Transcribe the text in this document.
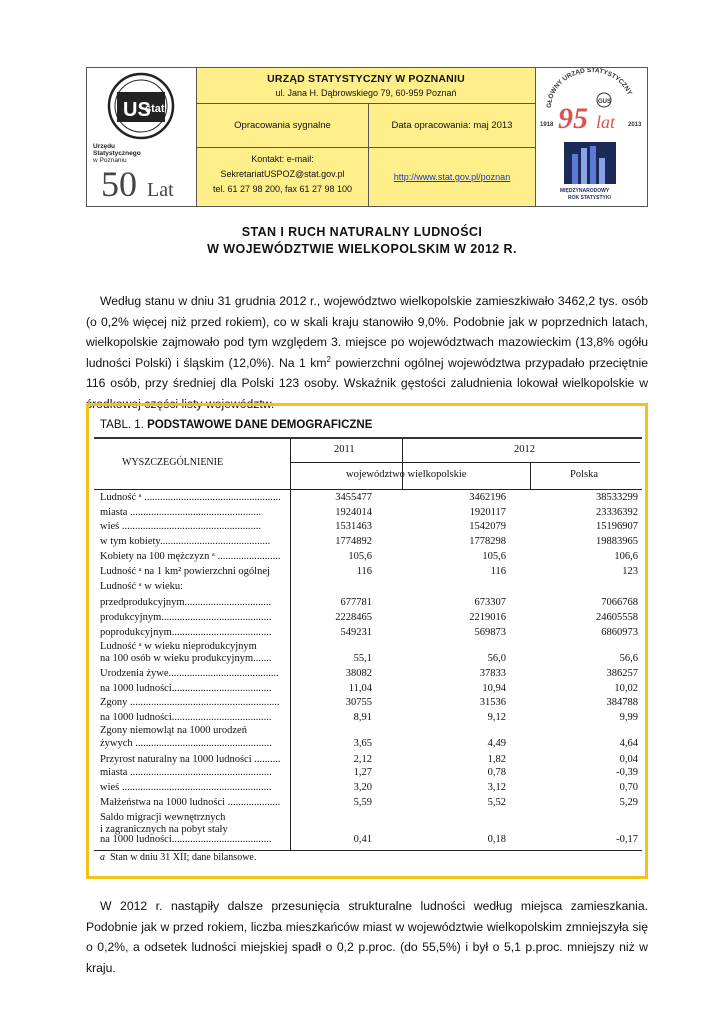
US
stat
Urzędu
Statystycznego
w Poznaniu
50 Lat
URZĄD STATYSTYCZNY W POZNANIU
ul. Jana H. Dąbrowskiego 79, 60-959 Poznań
Opracowania sygnalne	Data opracowania: maj 2013
Kontakt: e-mail:
SekretariatUSPOZ@stat.gov.pl
tel. 61 27 98 200, fax 61 27 98 100
http://www.stat.gov.pl/poznan
GŁÓWNY URZĄD STATYSTYCZNY
1918	2013
95 lat
GUS
MIĘDZYNARODOWY
ROK STATYSTYKI
STAN I RUCH NATURALNY LUDNOŚCI
W WOJEWÓDZTWIE WIELKOPOLSKIM W 2012 R.

Według stanu w dniu 31 grudnia 2012 r., województwo wielkopolskie zamieszkiwało 3462,2 tys. osób (o 0,2% więcej niż przed rokiem), co w skali kraju stanowiło 9,0%. Podobnie jak w poprzednich latach, wielkopolskie zajmowało pod tym względem 3. miejsce po województwach mazowieckim (13,8% ogółu ludności Polski) i śląskim (12,0%). Na 1 $km^2$ powierzchni ogólnej województwa przypadało przeciętnie 116 osób, przy średniej dla Polski 123 osoby. Wskaźnik gęstości zaludnienia lokował wielkopolskie w środkowej części listy województw.

TABL. 1. PODSTAWOWE DANE DEMOGRAFICZNE
WYSZCZEGÓLNIENIE
2011	2012
województwo wielkopolskie	Polska
Ludność ᵃ ....................................................	3455477	3462196	38533299
miasta ..................................................	1924014	1920117	23336392
wieś .....................................................	1531463	1542079	15196907
w tym kobiety..........................................	1774892	1778298	19883965
Kobiety na 100 mężczyzn ᵃ ........................	105,6	105,6	106,6
Ludność ᵃ na 1 km² powierzchni ogólnej	116	116	123
Ludność ᵃ w wieku:
przedprodukcyjnym.................................	677781	673307	7066768
produkcyjnym..........................................	2228465	2219016	24605558
poprodukcyjnym......................................	549231	569873	6860973
Ludność ᵃ w wieku nieprodukcyjnym
na 100 osób w wieku produkcyjnym.......	55,1	56,0	56,6
Urodzenia żywe..........................................	38082	37833	386257
na 1000 ludności......................................	11,04	10,94	10,02
Zgony .........................................................	30755	31536	384788
na 1000 ludności......................................	8,91	9,12	9,99
Zgony niemowląt na 1000 urodzeń
żywych ....................................................	3,65	4,49	4,64
Przyrost naturalny na 1000 ludności ..........	2,12	1,82	0,04
miasta ......................................................	1,27	0,78	-0,39
wieś .........................................................	3,20	3,12	0,70
Małżeństwa na 1000 ludności ....................	5,59	5,52	5,29
Saldo migracji wewnętrznych
i zagranicznych na pobyt stały
na 1000 ludności......................................	0,41	0,18	-0,17
a Stan w dniu 31 XII; dane bilansowe.

W 2012 r. nastąpiły dalsze przesunięcia strukturalne ludności według miejsca zamieszkania. Podobnie jak w przed rokiem, liczba mieszkańców miast w województwie wielkopolskim zmniejszyła się o 0,2%, a odsetek ludności miejskiej spadł o 0,2 p.proc. (do 55,5%) i był o 5,1 p.proc. mniejszy niż w kraju.
